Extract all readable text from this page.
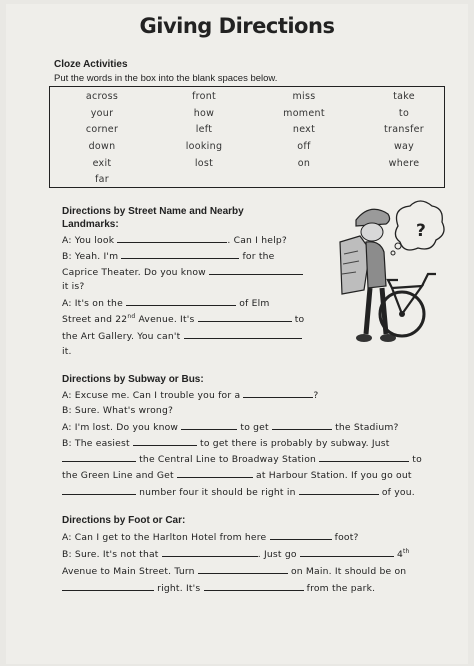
Giving Directions
Cloze Activities
Put the words in the box into the blank spaces below.
across	front	miss	take
your	how	moment	to
corner	left	next	transfer
down	looking	off	way
exit	lost	on	where
far
Directions by Street Name and Nearby
Landmarks:
A: You look	. Can I help?
B: Yeah. I'm	for the
Caprice Theater. Do you know
it is?
A: It's on the	of Elm
Street and 22nd Avenue. It's	to
the Art Gallery. You can't
it.
?
Directions by Subway or Bus:
A: Excuse me. Can I trouble you for a	?
B: Sure. What's wrong?
A: I'm lost. Do you know	to get	the Stadium?
B: The easiest	to get there is probably by subway. Just
the Central Line to Broadway Station	to
the Green Line and Get	at Harbour Station. If you go out
number four it should be right in	of you.
Directions by Foot or Car:
A: Can I get to the Harlton Hotel from here	foot?
B: Sure. It's not that	. Just go	4th
Avenue to Main Street. Turn	on Main. It should be on
right. It's	from the park.
